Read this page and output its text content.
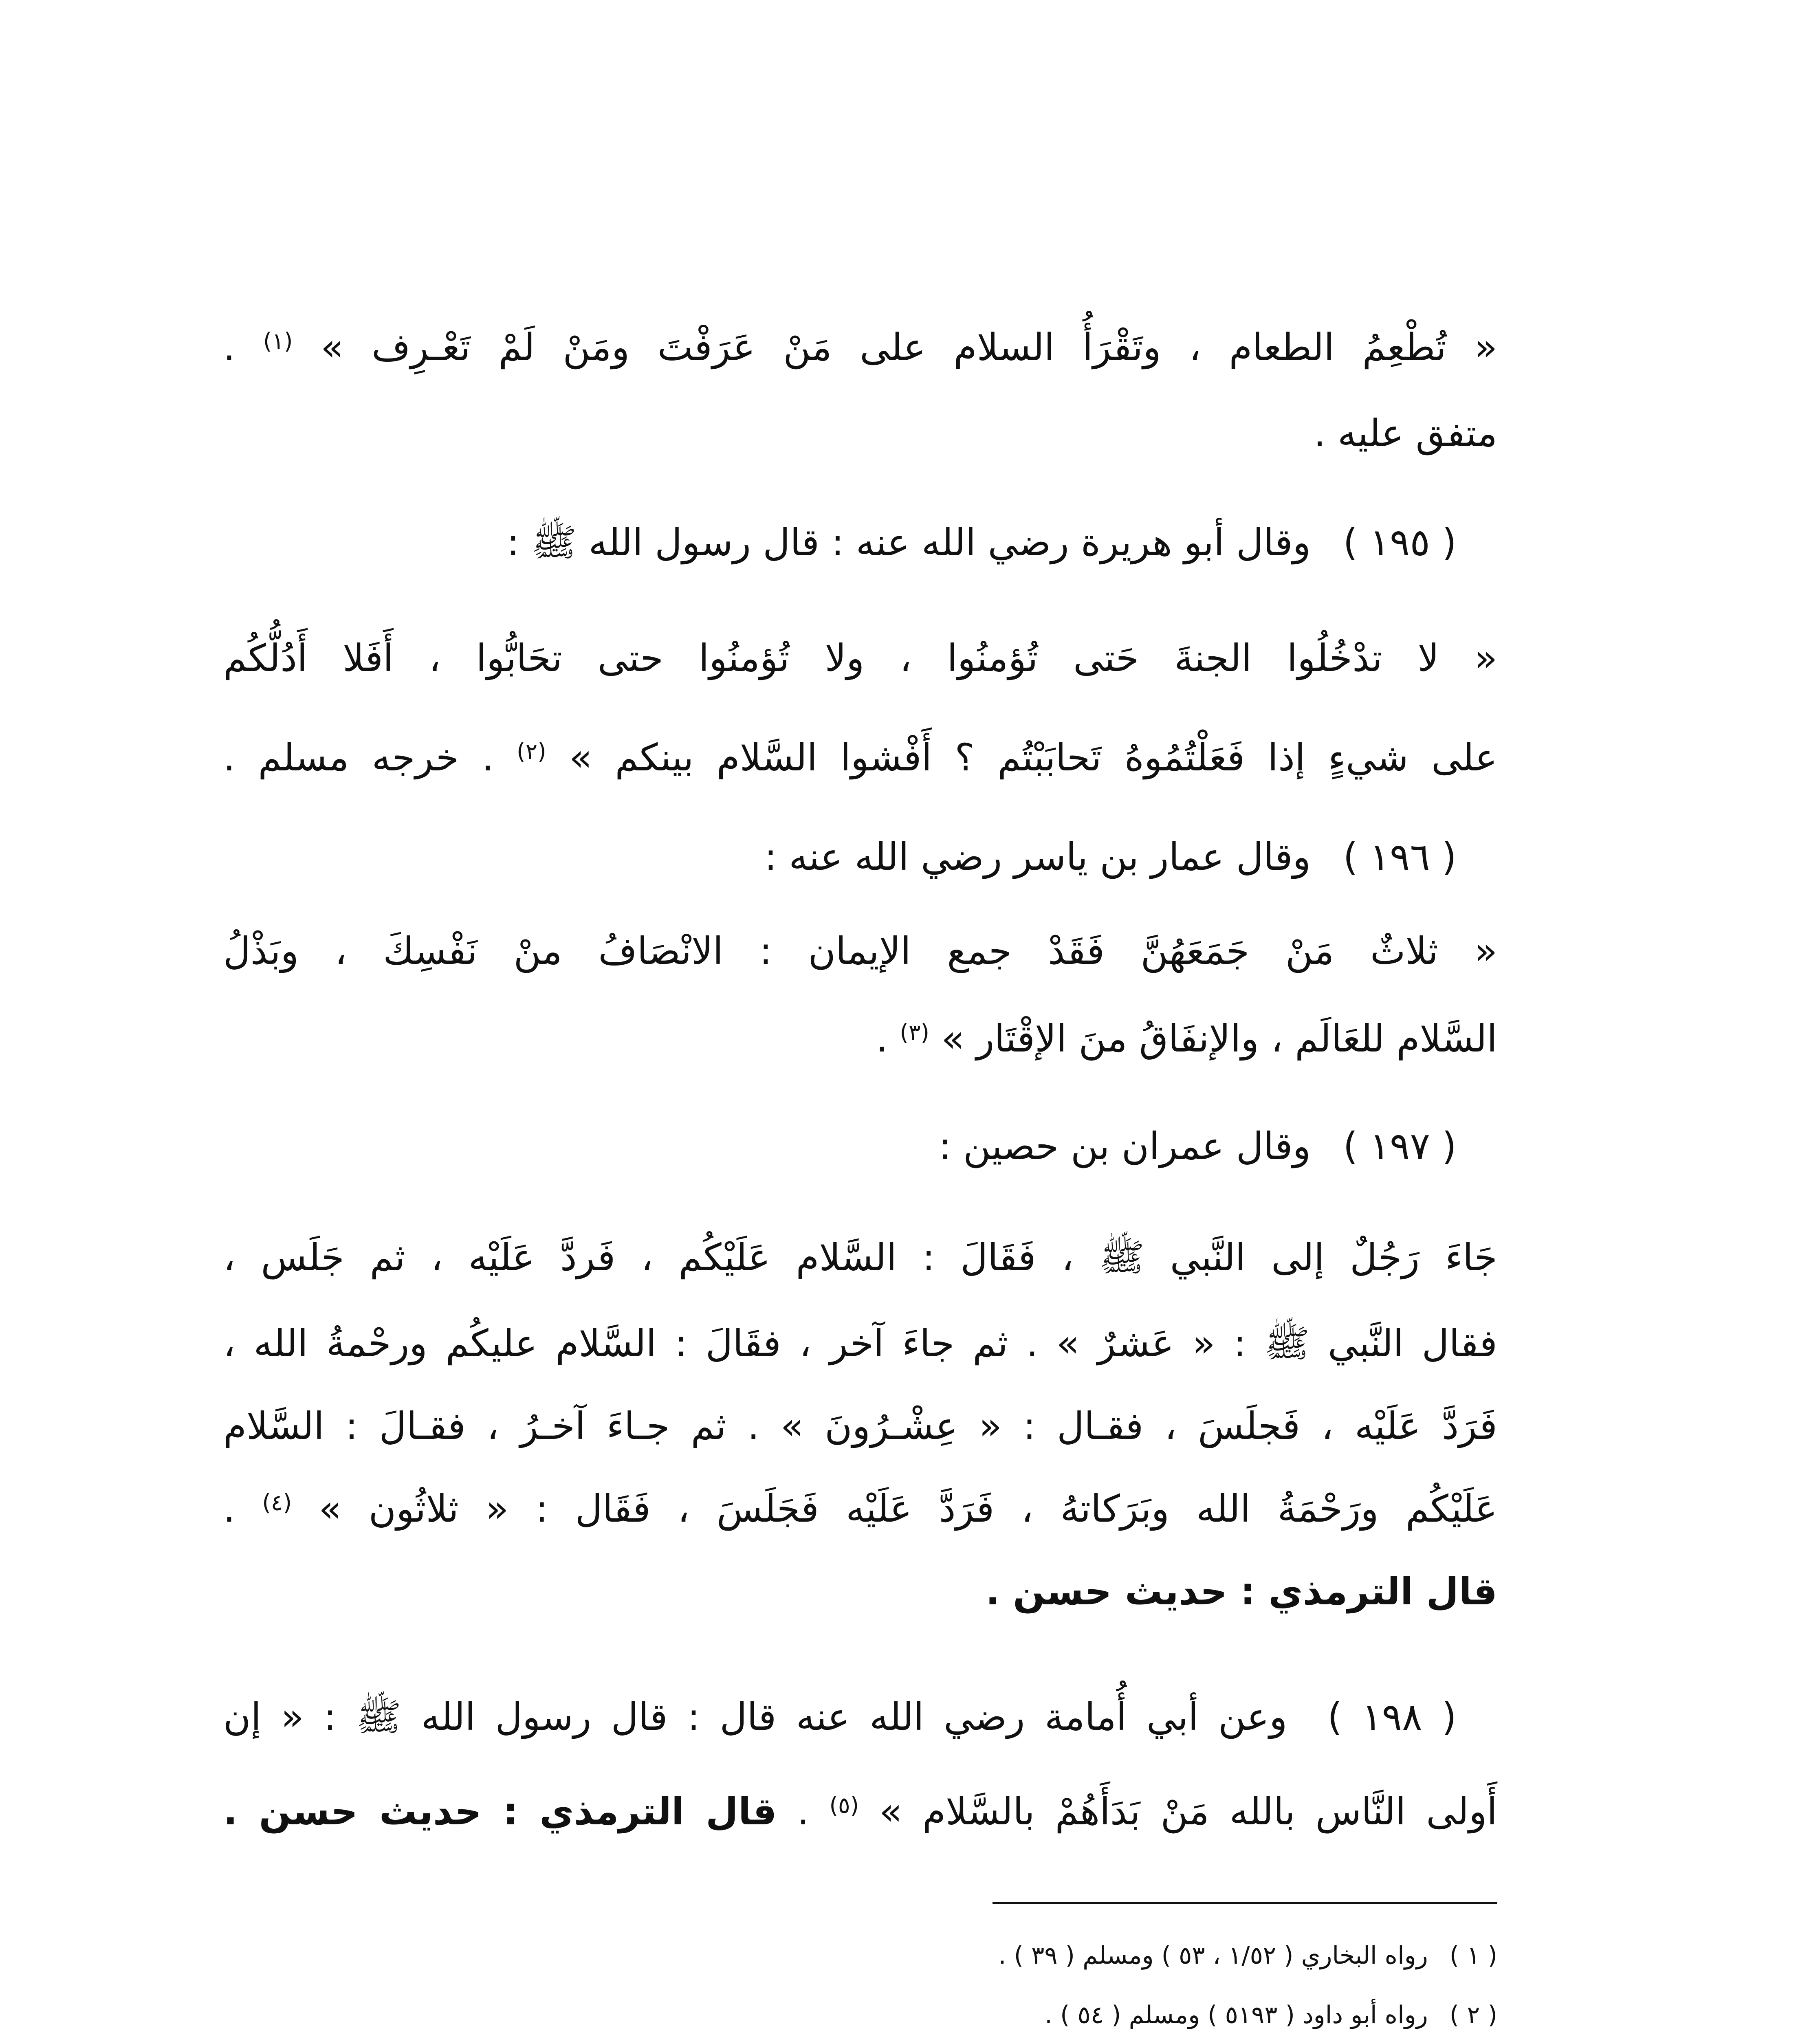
« تُطْعِمُ الطعام ، وتَقْرَأُ السلام على مَنْ عَرَفْتَ ومَنْ لَمْ تَعْـرِف » $^{(١)}$ .
متفق عليه .
( ١٩٥ ) وقال أبو هريرة رضي الله عنه : قال رسول الله ﷺ :
« لا تدْخُلُوا الجنةَ حَتى تُؤمنُوا ، ولا تُؤمنُوا حتى تحَابُّوا ، أَفَلا أَدُلُّكُم
على شيءٍ إذا فَعَلْتُمُوهُ تَحابَبْتُم ؟ أَفْشوا السَّلام بينكم » $^{(٢)}$ . خرجه مسلم .
( ١٩٦ ) وقال عمار بن ياسر رضي الله عنه :
« ثلاثٌ مَنْ جَمَعَهُنَّ فَقَدْ جمع الإيمان : الانْصَافُ منْ نَفْسِكَ ، وبَذْلُ
السَّلام للعَالَم ، والإنفَاقُ منَ الإقْتَار » $^{(٣)}$ .
( ١٩٧ ) وقال عمران بن حصين :
جَاءَ رَجُلٌ إلى النَّبي ﷺ ، فَقَالَ : السَّلام عَلَيْكُم ، فَردَّ عَلَيْه ، ثم جَلَس ،
فقال النَّبي ﷺ : « عَشرٌ » . ثم جاءَ آخر ، فقَالَ : السَّلام عليكُم ورحْمةُ الله ،
فَرَدَّ عَلَيْه ، فَجلَسَ ، فقـال : « عِشْـرُونَ » . ثم جـاءَ آخـرُ ، فقـالَ : السَّلام
عَلَيْكُم ورَحْمَةُ الله وبَرَكاتهُ ، فَرَدَّ عَلَيْه فَجَلَسَ ، فَقَال : « ثلاثُون » $^{(٤)}$ .
قال الترمذي : حديث حسن .
( ١٩٨ ) وعن أبي أُمامة رضي الله عنه قال : قال رسول الله ﷺ : « إن
أَولى النَّاس بالله مَنْ بَدَأَهُمْ بالسَّلام » $^{(٥)}$ . قال الترمذي : حديث حسن .
( ١ ) رواه البخاري ( ١/٥٢ ، ٥٣ ) ومسلم ( ٣٩ ) .
( ٢ ) رواه أبو داود ( ٥١٩٣ ) ومسلم ( ٥٤ ) .
